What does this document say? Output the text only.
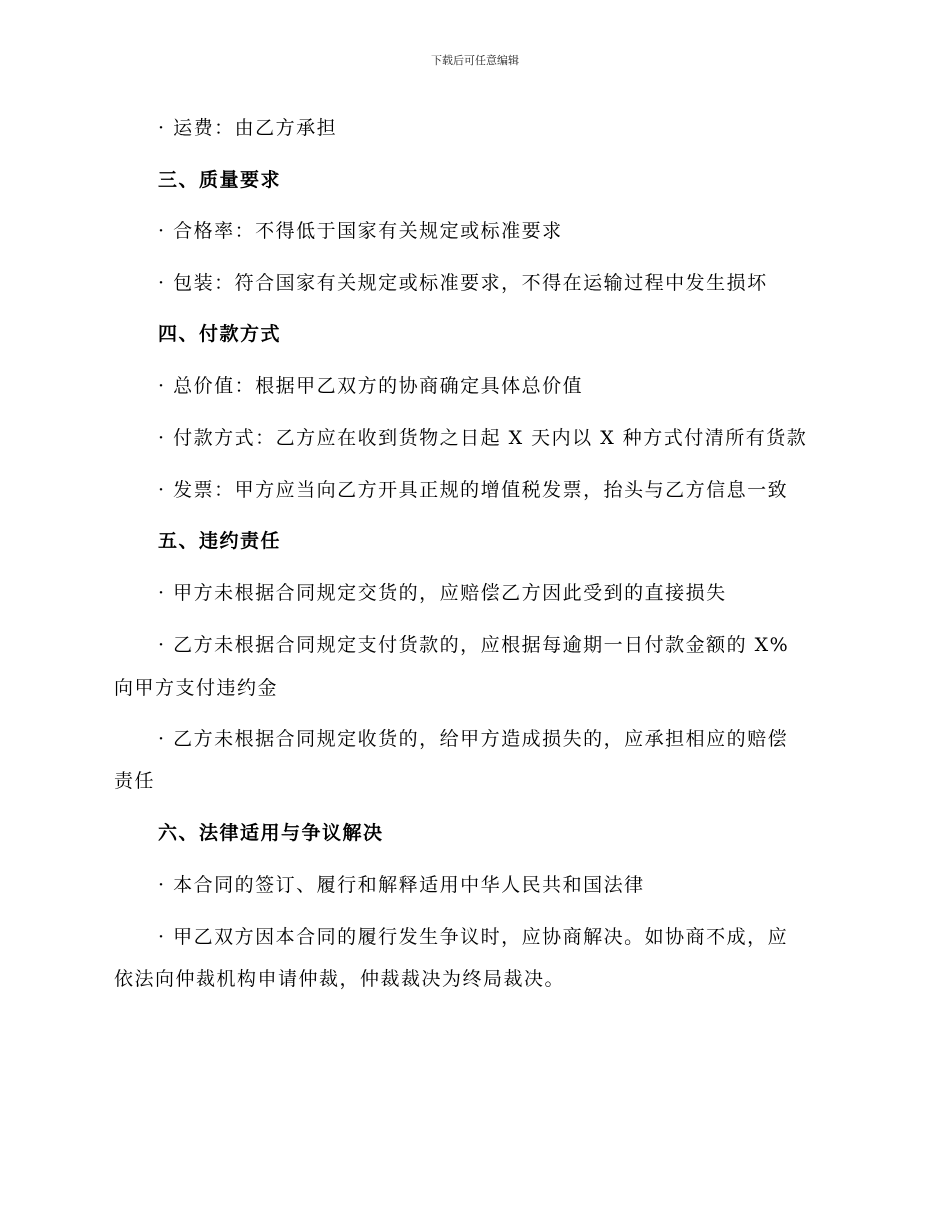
下载后可任意编辑
· 运费：由乙方承担
三、质量要求
· 合格率：不得低于国家有关规定或标准要求
· 包装：符合国家有关规定或标准要求，不得在运输过程中发生损坏
四、付款方式
· 总价值：根据甲乙双方的协商确定具体总价值
· 付款方式：乙方应在收到货物之日起 X 天内以 X 种方式付清所有货款
· 发票：甲方应当向乙方开具正规的增值税发票，抬头与乙方信息一致
五、违约责任
· 甲方未根据合同规定交货的，应赔偿乙方因此受到的直接损失
· 乙方未根据合同规定支付货款的，应根据每逾期一日付款金额的 X%
向甲方支付违约金
· 乙方未根据合同规定收货的，给甲方造成损失的，应承担相应的赔偿
责任
六、法律适用与争议解决
· 本合同的签订、履行和解释适用中华人民共和国法律
· 甲乙双方因本合同的履行发生争议时，应协商解决。如协商不成，应
依法向仲裁机构申请仲裁，仲裁裁决为终局裁决。
